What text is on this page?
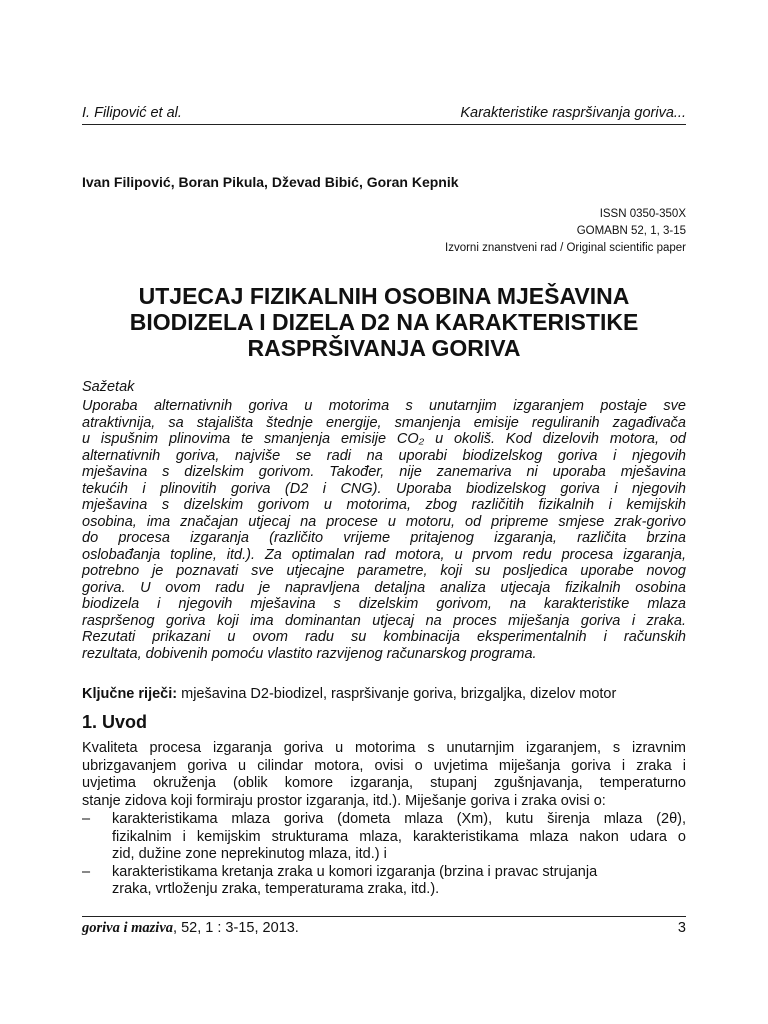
I. Filipović et al.	Karakteristike raspršivanja goriva...
Ivan Filipović, Boran Pikula, Dževad Bibić, Goran Kepnik
ISSN 0350-350X
GOMABN 52, 1, 3-15
Izvorni znanstveni rad / Original scientific paper
UTJECAJ FIZIKALNIH OSOBINA MJEŠAVINA
BIODIZELA I DIZELA D2 NA KARAKTERISTIKE
RASPRŠIVANJA GORIVA
Sažetak
Uporaba alternativnih goriva u motorima s unutarnjim izgaranjem postaje sve
atraktivnija, sa stajališta štednje energije, smanjenja emisije reguliranih zagađivača
u ispušnim plinovima te smanjenja emisije CO₂ u okoliš. Kod dizelovih motora, od
alternativnih goriva, najviše se radi na uporabi biodizelskog goriva i njegovih
mješavina s dizelskim gorivom. Također, nije zanemariva ni uporaba mješavina
tekućih i plinovitih goriva (D2 i CNG). Uporaba biodizelskog goriva i njegovih
mješavina s dizelskim gorivom u motorima, zbog različitih fizikalnih i kemijskih
osobina, ima značajan utjecaj na procese u motoru, od pripreme smjese zrak-gorivo
do procesa izgaranja (različito vrijeme pritajenog izgaranja, različita brzina
oslobađanja topline, itd.). Za optimalan rad motora, u prvom redu procesa izgaranja,
potrebno je poznavati sve utjecajne parametre, koji su posljedica uporabe novog
goriva. U ovom radu je napravljena detaljna analiza utjecaja fizikalnih osobina
biodizela i njegovih mješavina s dizelskim gorivom, na karakteristike mlaza
raspršenog goriva koji ima dominantan utjecaj na proces miješanja goriva i zraka.
Rezutati prikazani u ovom radu su kombinacija eksperimentalnih i računskih
rezultata, dobivenih pomoću vlastito razvijenog računarskog programa.
Ključne riječi: mješavina D2-biodizel, raspršivanje goriva, brizgaljka, dizelov motor
1. Uvod
Kvaliteta procesa izgaranja goriva u motorima s unutarnjim izgaranjem, s izravnim
ubrizgavanjem goriva u cilindar motora, ovisi o uvjetima miješanja goriva i zraka i
uvjetima okruženja (oblik komore izgaranja, stupanj zgušnjavanja, temperaturno
stanje zidova koji formiraju prostor izgaranja, itd.). Miješanje goriva i zraka ovisi o:
–	karakteristikama mlaza goriva (dometa mlaza (Xm), kutu širenja mlaza (2θ),
fizikalnim i kemijskim strukturama mlaza, karakteristikama mlaza nakon udara o
zid, dužine zone neprekinutog mlaza, itd.) i
–	karakteristikama kretanja zraka u komori izgaranja (brzina i pravac strujanja
zraka, vrtloženju zraka, temperaturama zraka, itd.).
goriva i maziva, 52, 1 : 3-15, 2013.	3
